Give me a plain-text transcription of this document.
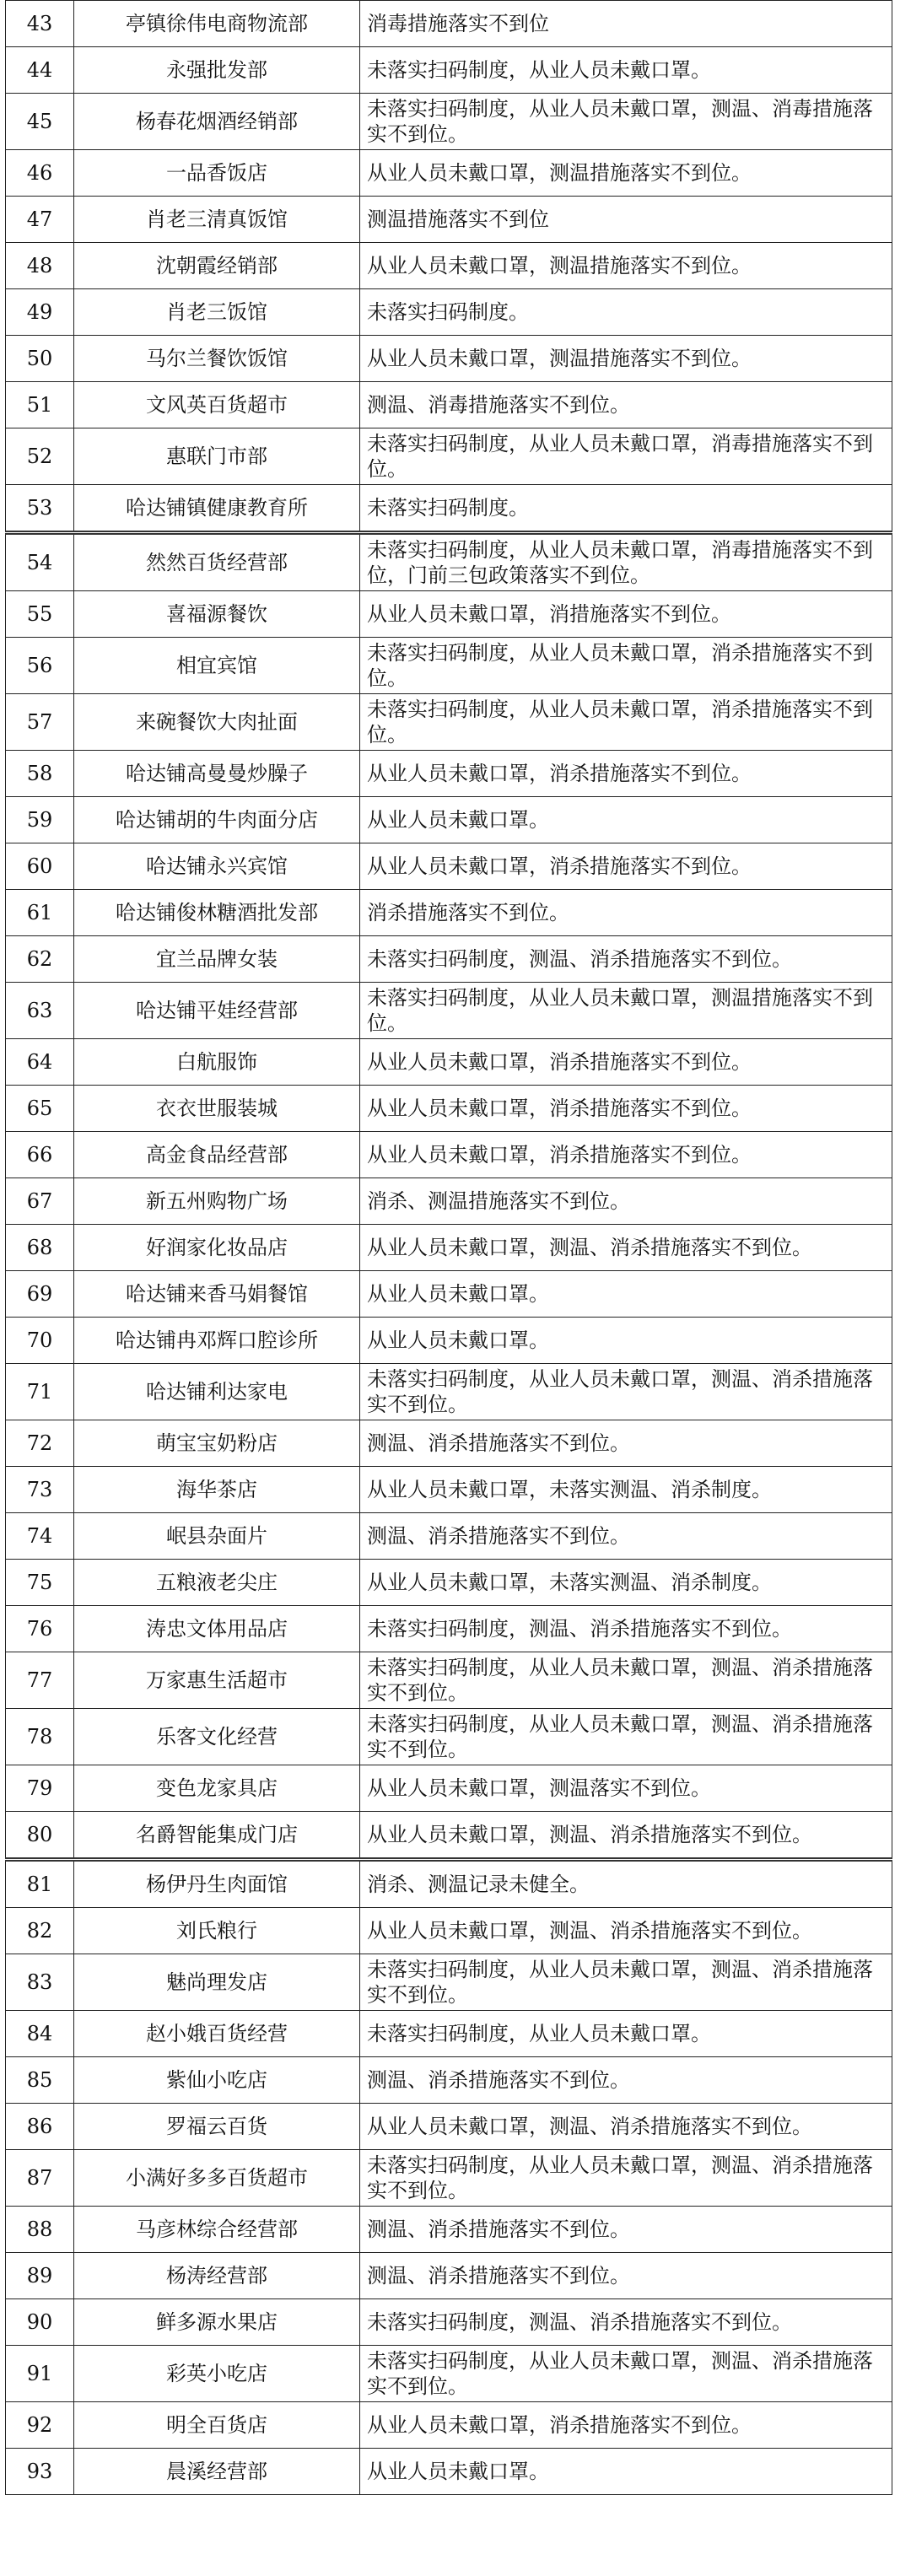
43	亭镇徐伟电商物流部	消毒措施落实不到位
44	永强批发部	未落实扫码制度，从业人员未戴口罩。
45	杨春花烟酒经销部	未落实扫码制度，从业人员未戴口罩，测温、消毒措施落实不到位。
46	一品香饭店	从业人员未戴口罩，测温措施落实不到位。
47	肖老三清真饭馆	测温措施落实不到位
48	沈朝霞经销部	从业人员未戴口罩，测温措施落实不到位。
49	肖老三饭馆	未落实扫码制度。
50	马尔兰餐饮饭馆	从业人员未戴口罩，测温措施落实不到位。
51	文风英百货超市	测温、消毒措施落实不到位。
52	惠联门市部	未落实扫码制度，从业人员未戴口罩，消毒措施落实不到位。
53	哈达铺镇健康教育所	未落实扫码制度。
54	然然百货经营部	未落实扫码制度，从业人员未戴口罩，消毒措施落实不到位，门前三包政策落实不到位。
55	喜福源餐饮	从业人员未戴口罩，消措施落实不到位。
56	相宜宾馆	未落实扫码制度，从业人员未戴口罩，消杀措施落实不到位。
57	来碗餐饮大肉扯面	未落实扫码制度，从业人员未戴口罩，消杀措施落实不到位。
58	哈达铺高曼曼炒臊子	从业人员未戴口罩，消杀措施落实不到位。
59	哈达铺胡的牛肉面分店	从业人员未戴口罩。
60	哈达铺永兴宾馆	从业人员未戴口罩，消杀措施落实不到位。
61	哈达铺俊林糖酒批发部	消杀措施落实不到位。
62	宜兰品牌女装	未落实扫码制度，测温、消杀措施落实不到位。
63	哈达铺平娃经营部	未落实扫码制度，从业人员未戴口罩，测温措施落实不到位。
64	白航服饰	从业人员未戴口罩，消杀措施落实不到位。
65	衣衣世服装城	从业人员未戴口罩，消杀措施落实不到位。
66	高金食品经营部	从业人员未戴口罩，消杀措施落实不到位。
67	新五州购物广场	消杀、测温措施落实不到位。
68	好润家化妆品店	从业人员未戴口罩，测温、消杀措施落实不到位。
69	哈达铺来香马娟餐馆	从业人员未戴口罩。
70	哈达铺冉邓辉口腔诊所	从业人员未戴口罩。
71	哈达铺利达家电	未落实扫码制度，从业人员未戴口罩，测温、消杀措施落实不到位。
72	萌宝宝奶粉店	测温、消杀措施落实不到位。
73	海华茶店	从业人员未戴口罩，未落实测温、消杀制度。
74	岷县杂面片	测温、消杀措施落实不到位。
75	五粮液老尖庄	从业人员未戴口罩，未落实测温、消杀制度。
76	涛忠文体用品店	未落实扫码制度，测温、消杀措施落实不到位。
77	万家惠生活超市	未落实扫码制度，从业人员未戴口罩，测温、消杀措施落实不到位。
78	乐客文化经营	未落实扫码制度，从业人员未戴口罩，测温、消杀措施落实不到位。
79	变色龙家具店	从业人员未戴口罩，测温落实不到位。
80	名爵智能集成门店	从业人员未戴口罩，测温、消杀措施落实不到位。
81	杨伊丹生肉面馆	消杀、测温记录未健全。
82	刘氏粮行	从业人员未戴口罩，测温、消杀措施落实不到位。
83	魅尚理发店	未落实扫码制度，从业人员未戴口罩，测温、消杀措施落实不到位。
84	赵小娥百货经营	未落实扫码制度，从业人员未戴口罩。
85	紫仙小吃店	测温、消杀措施落实不到位。
86	罗福云百货	从业人员未戴口罩，测温、消杀措施落实不到位。
87	小满好多多百货超市	未落实扫码制度，从业人员未戴口罩，测温、消杀措施落实不到位。
88	马彦林综合经营部	测温、消杀措施落实不到位。
89	杨涛经营部	测温、消杀措施落实不到位。
90	鲜多源水果店	未落实扫码制度，测温、消杀措施落实不到位。
91	彩英小吃店	未落实扫码制度，从业人员未戴口罩，测温、消杀措施落实不到位。
92	明全百货店	从业人员未戴口罩，消杀措施落实不到位。
93	晨溪经营部	从业人员未戴口罩。
